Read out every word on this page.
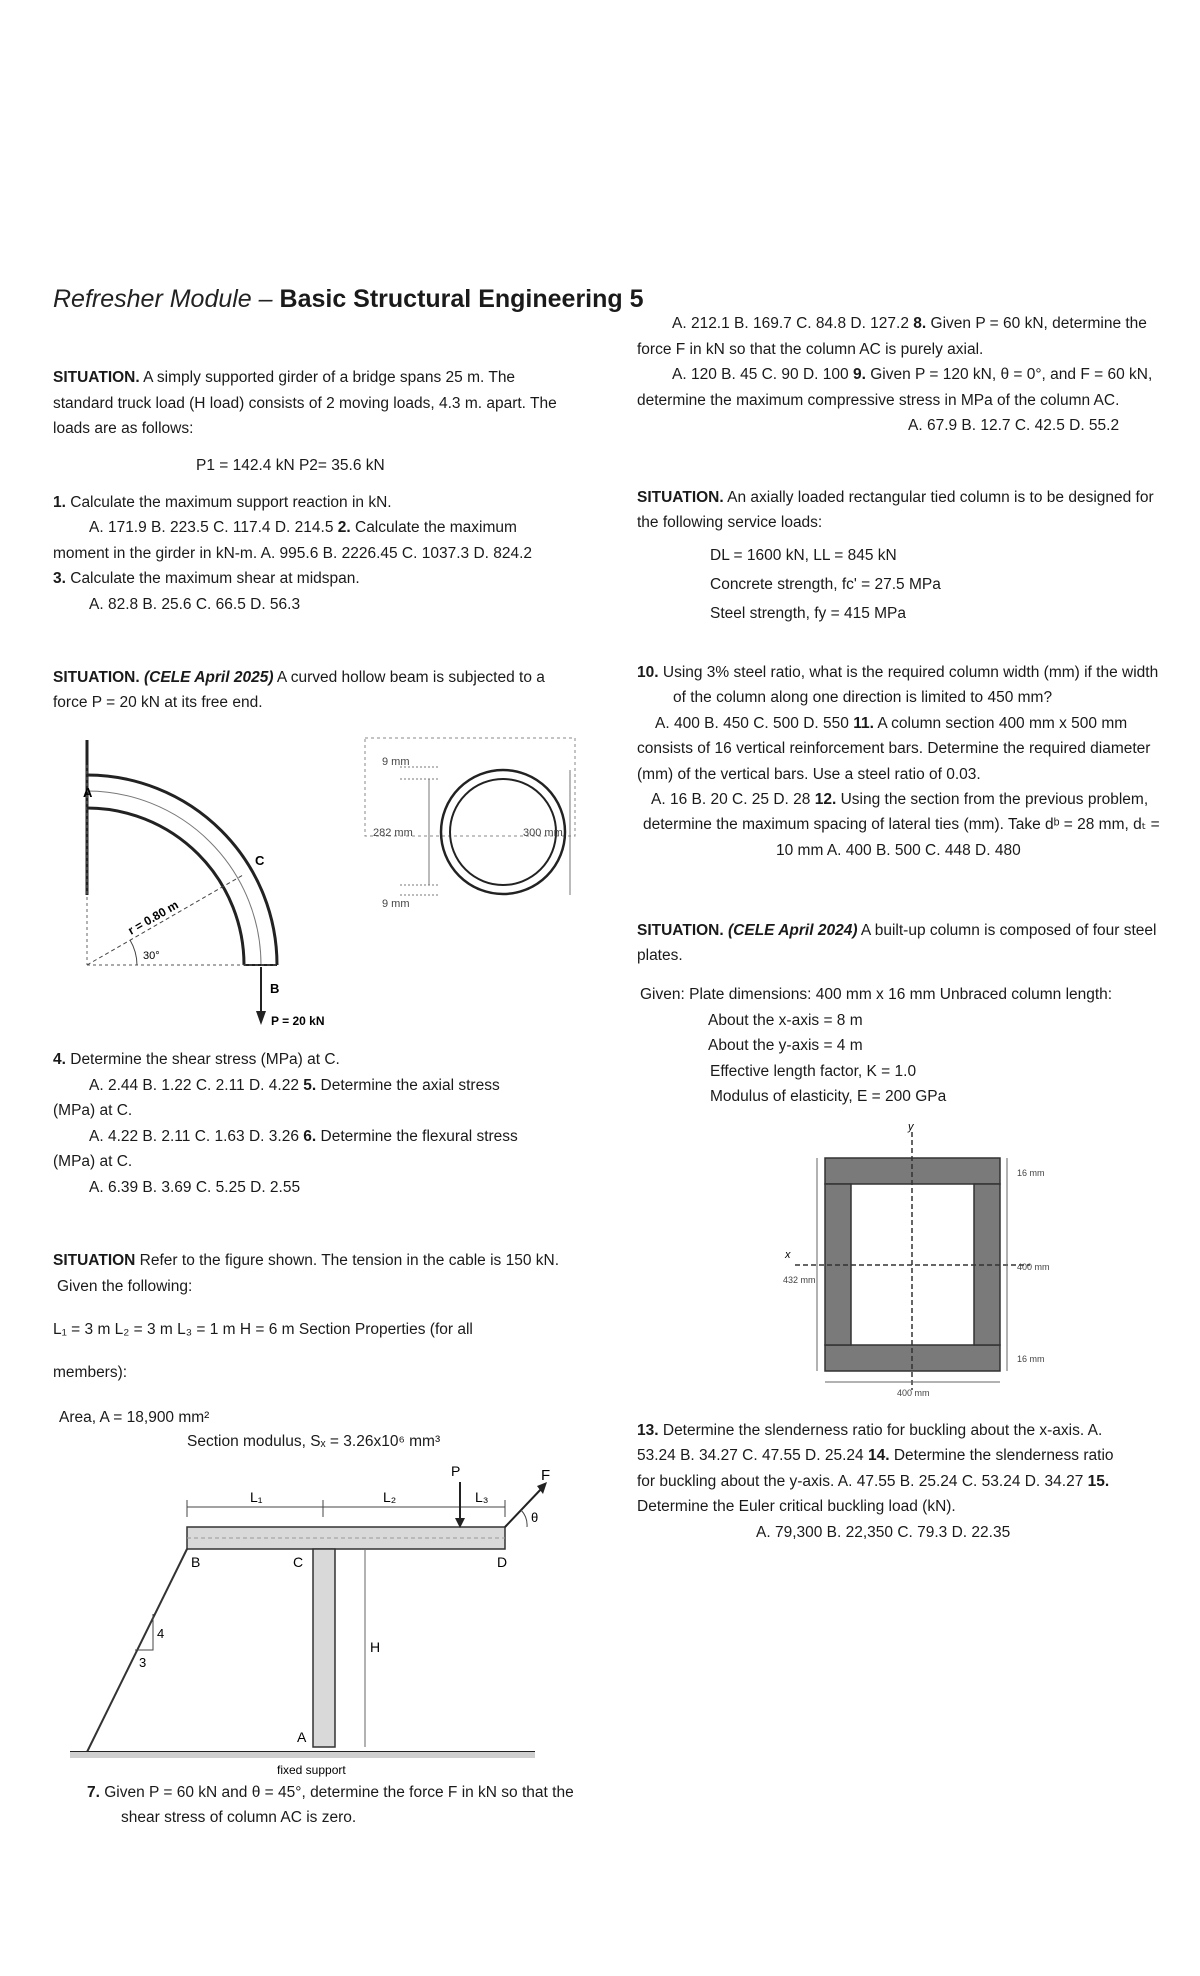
Refresher Module – Basic Structural Engineering 5
SITUATION. A simply supported girder of a bridge spans 25 m. The
standard truck load (H load) consists of 2 moving loads, 4.3 m. apart. The
loads are as follows:
P1 = 142.4 kN P2= 35.6 kN
1. Calculate the maximum support reaction in kN.
A. 171.9 B. 223.5 C. 117.4 D. 214.5 2. Calculate the maximum
moment in the girder in kN-m. A. 995.6 B. 2226.45 C. 1037.3 D. 824.2
3. Calculate the maximum shear at midspan.
A. 82.8 B. 25.6 C. 66.5 D. 56.3
SITUATION. (CELE April 2025) A curved hollow beam is subjected to a
force P = 20 kN at its free end.
A
C
B
r = 0.80 m
30°
P = 20 kN
9 mm
282 mm
9 mm
300 mm
4. Determine the shear stress (MPa) at C.
A. 2.44 B. 1.22 C. 2.11 D. 4.22 5. Determine the axial stress
(MPa) at C.
A. 4.22 B. 2.11 C. 1.63 D. 3.26 6. Determine the flexural stress
(MPa) at C.
A. 6.39 B. 3.69 C. 5.25 D. 2.55
SITUATION Refer to the figure shown. The tension in the cable is 150 kN.
Given the following:
L₁ = 3 m L₂ = 3 m L₃ = 1 m H = 6 m Section Properties (for all
members):
Area, A = 18,900 mm²
Section modulus, Sₓ = 3.26x10⁶ mm³
L₁	L₂	L₃
H
P	F
θ
B	C	D
A
4
3
fixed support
7. Given P = 60 kN and θ = 45°, determine the force F in kN so that the
shear stress of column AC is zero.
A. 212.1 B. 169.7 C. 84.8 D. 127.2 8. Given P = 60 kN, determine the
force F in kN so that the column AC is purely axial.
A. 120 B. 45 C. 90 D. 100 9. Given P = 120 kN, θ = 0°, and F = 60 kN,
determine the maximum compressive stress in MPa of the column AC.
A. 67.9 B. 12.7 C. 42.5 D. 55.2
SITUATION. An axially loaded rectangular tied column is to be designed for
the following service loads:
DL = 1600 kN, LL = 845 kN
Concrete strength, fc' = 27.5 MPa
Steel strength, fy = 415 MPa
10. Using 3% steel ratio, what is the required column width (mm) if the width
of the column along one direction is limited to 450 mm?
A. 400 B. 450 C. 500 D. 550 11. A column section 400 mm x 500 mm
consists of 16 vertical reinforcement bars. Determine the required diameter
(mm) of the vertical bars. Use a steel ratio of 0.03.
A. 16 B. 20 C. 25 D. 28 12. Using the section from the previous problem,
determine the maximum spacing of lateral ties (mm). Take dᵇ = 28 mm, dₜ =
10 mm A. 400 B. 500 C. 448 D. 480
SITUATION. (CELE April 2024) A built-up column is composed of four steel
plates.
Given: Plate dimensions: 400 mm x 16 mm Unbraced column length:
About the x-axis = 8 m
About the y-axis = 4 m
Effective length factor, K = 1.0
Modulus of elasticity, E = 200 GPa
y
x
16 mm
400 mm
16 mm
432 mm
400 mm
13. Determine the slenderness ratio for buckling about the x-axis. A.
53.24 B. 34.27 C. 47.55 D. 25.24 14. Determine the slenderness ratio
for buckling about the y-axis. A. 47.55 B. 25.24 C. 53.24 D. 34.27 15.
Determine the Euler critical buckling load (kN).
A. 79,300 B. 22,350 C. 79.3 D. 22.35
